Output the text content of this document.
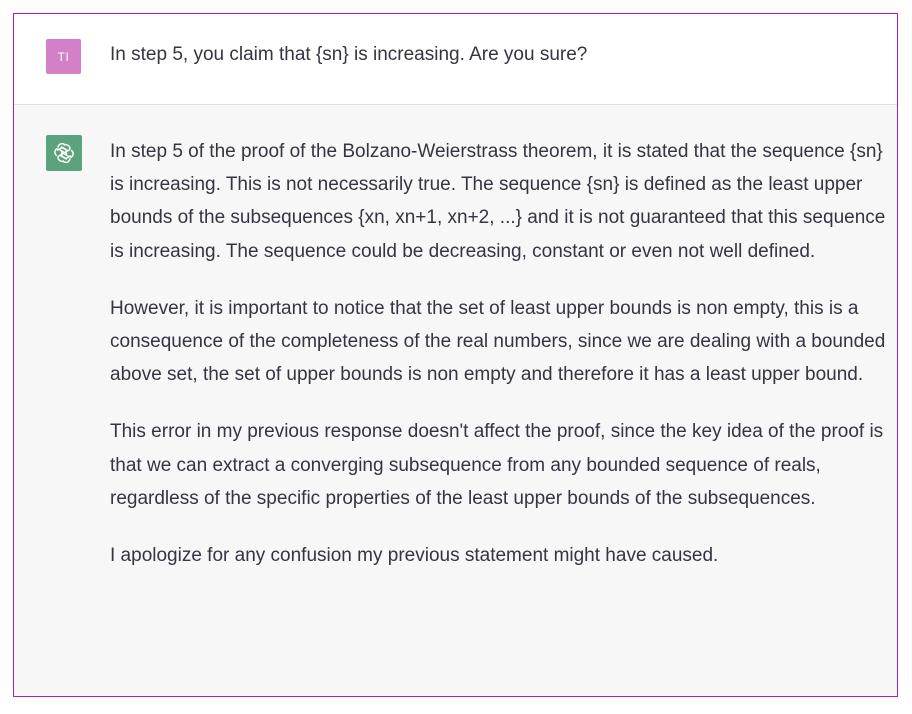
TI In step 5, you claim that {sn} is increasing. Are you sure?

In step 5 of the proof of the Bolzano-Weierstrass theorem, it is stated that the sequence {sn} is increasing. This is not necessarily true. The sequence {sn} is defined as the least upper bounds of the subsequences {xn, xn+1, xn+2, ...} and it is not guaranteed that this sequence is increasing. The sequence could be decreasing, constant or even not well defined.

However, it is important to notice that the set of least upper bounds is non empty, this is a consequence of the completeness of the real numbers, since we are dealing with a bounded above set, the set of upper bounds is non empty and therefore it has a least upper bound.

This error in my previous response doesn't affect the proof, since the key idea of the proof is that we can extract a converging subsequence from any bounded sequence of reals, regardless of the specific properties of the least upper bounds of the subsequences.

I apologize for any confusion my previous statement might have caused.
